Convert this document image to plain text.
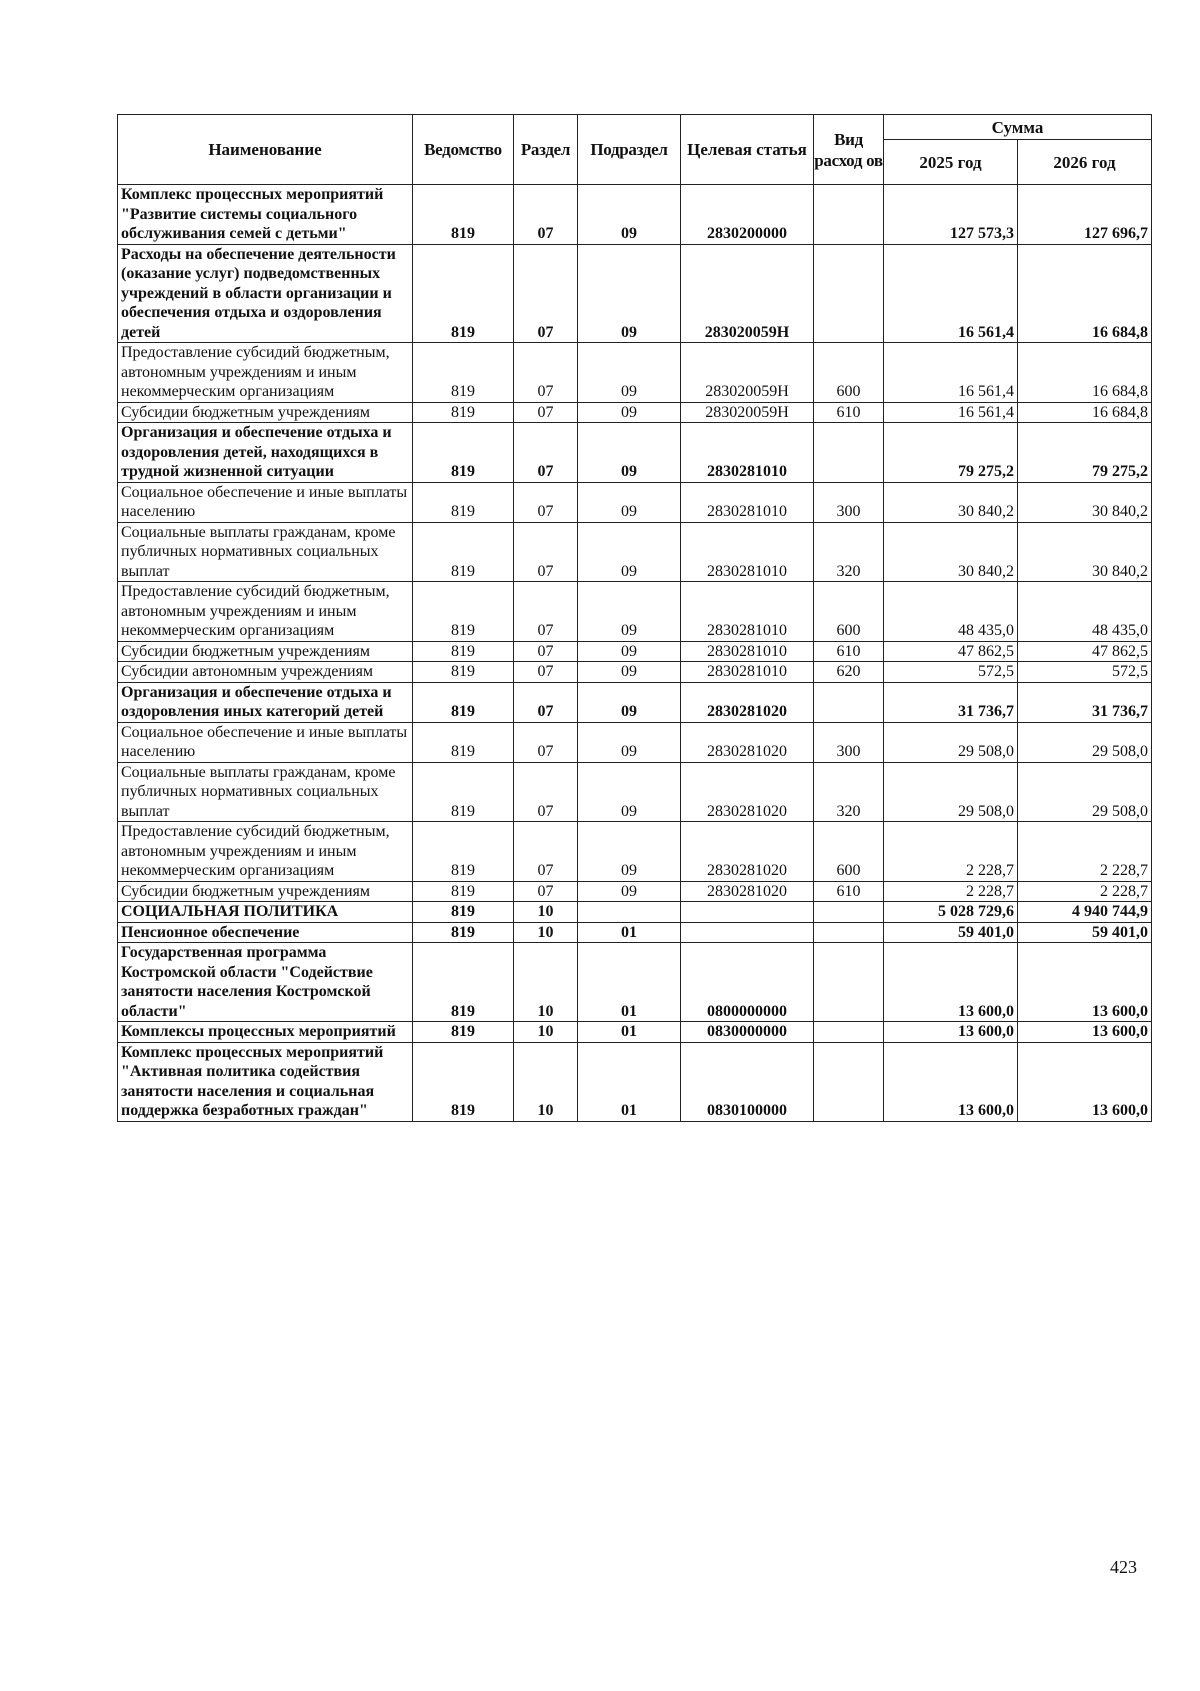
Наименование	Ведомство	Раздел	Подраздел	Целевая статья	Вид расход ов	Сумма	
						2025 год	2026 год
Комплекс процессных мероприятий "Развитие системы социального обслуживания семей с детьми"	819	07	09	2830200000		127 573,3	127 696,7
Расходы на обеспечение деятельности (оказание услуг) подведомственных учреждений в области организации и обеспечения отдыха и оздоровления детей	819	07	09	283020059Н		16 561,4	16 684,8
Предоставление субсидий бюджетным, автономным учреждениям и иным некоммерческим организациям	819	07	09	283020059Н	600	16 561,4	16 684,8
Субсидии бюджетным учреждениям	819	07	09	283020059Н	610	16 561,4	16 684,8
Организация и обеспечение отдыха и оздоровления детей, находящихся в трудной жизненной ситуации	819	07	09	2830281010		79 275,2	79 275,2
Социальное обеспечение и иные выплаты населению	819	07	09	2830281010	300	30 840,2	30 840,2
Социальные выплаты гражданам, кроме публичных нормативных социальных выплат	819	07	09	2830281010	320	30 840,2	30 840,2
Предоставление субсидий бюджетным, автономным учреждениям и иным некоммерческим организациям	819	07	09	2830281010	600	48 435,0	48 435,0
Субсидии бюджетным учреждениям	819	07	09	2830281010	610	47 862,5	47 862,5
Субсидии автономным учреждениям	819	07	09	2830281010	620	572,5	572,5
Организация и обеспечение отдыха и оздоровления иных категорий детей	819	07	09	2830281020		31 736,7	31 736,7
Социальное обеспечение и иные выплаты населению	819	07	09	2830281020	300	29 508,0	29 508,0
Социальные выплаты гражданам, кроме публичных нормативных социальных выплат	819	07	09	2830281020	320	29 508,0	29 508,0
Предоставление субсидий бюджетным, автономным учреждениям и иным некоммерческим организациям	819	07	09	2830281020	600	2 228,7	2 228,7
Субсидии бюджетным учреждениям	819	07	09	2830281020	610	2 228,7	2 228,7
СОЦИАЛЬНАЯ ПОЛИТИКА	819	10				5 028 729,6	4 940 744,9
Пенсионное обеспечение	819	10	01			59 401,0	59 401,0
Государственная программа Костромской области "Содействие занятости населения Костромской области"	819	10	01	0800000000		13 600,0	13 600,0
Комплексы процессных мероприятий	819	10	01	0830000000		13 600,0	13 600,0
Комплекс процессных мероприятий "Активная политика содействия занятости населения и социальная поддержка безработных граждан"	819	10	01	0830100000		13 600,0	13 600,0
423
